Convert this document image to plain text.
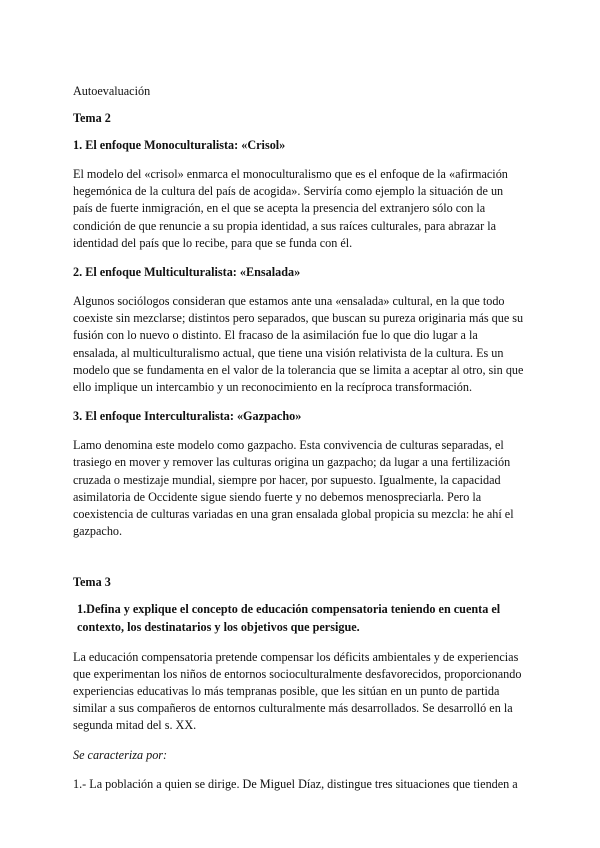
Autoevaluación
Tema 2
1. El enfoque Monoculturalista: «Crisol»
El modelo del «crisol» enmarca el monoculturalismo que es el enfoque de la «afirmación hegemónica de la cultura del país de acogida». Serviría como ejemplo la situación de un país de fuerte inmigración, en el que se acepta la presencia del extranjero sólo con la condición de que renuncie a su propia identidad, a sus raíces culturales, para abrazar la identidad del país que lo recibe, para que se funda con él.
2. El enfoque Multiculturalista: «Ensalada»
Algunos sociólogos consideran que estamos ante una «ensalada» cultural, en la que todo coexiste sin mezclarse; distintos pero separados, que buscan su pureza originaria más que su fusión con lo nuevo o distinto. El fracaso de la asimilación fue lo que dio lugar a la ensalada, al multiculturalismo actual, que tiene una visión relativista de la cultura. Es un modelo que se fundamenta en el valor de la tolerancia que se limita a aceptar al otro, sin que ello implique un intercambio y un reconocimiento en la recíproca transformación.
3. El enfoque Interculturalista: «Gazpacho»
Lamo denomina este modelo como gazpacho. Esta convivencia de culturas separadas, el trasiego en mover y remover las culturas origina un gazpacho; da lugar a una fertilización cruzada o mestizaje mundial, siempre por hacer, por supuesto. Igualmente, la capacidad asimilatoria de Occidente sigue siendo fuerte y no debemos menospreciarla. Pero la coexistencia de culturas variadas en una gran ensalada global propicia su mezcla: he ahí el gazpacho.
Tema 3
1.Defina y explique el concepto de educación compensatoria teniendo en cuenta el contexto, los destinatarios y los objetivos que persigue.
La educación compensatoria pretende compensar los déficits ambientales y de experiencias que experimentan los niños de entornos socioculturalmente desfavorecidos, proporcionando experiencias educativas lo más tempranas posible, que les sitúan en un punto de partida similar a sus compañeros de entornos culturalmente más desarrollados. Se desarrolló en la segunda mitad del s. XX.
Se caracteriza por:
1.- La población a quien se dirige. De Miguel Díaz, distingue tres situaciones que tienden a
